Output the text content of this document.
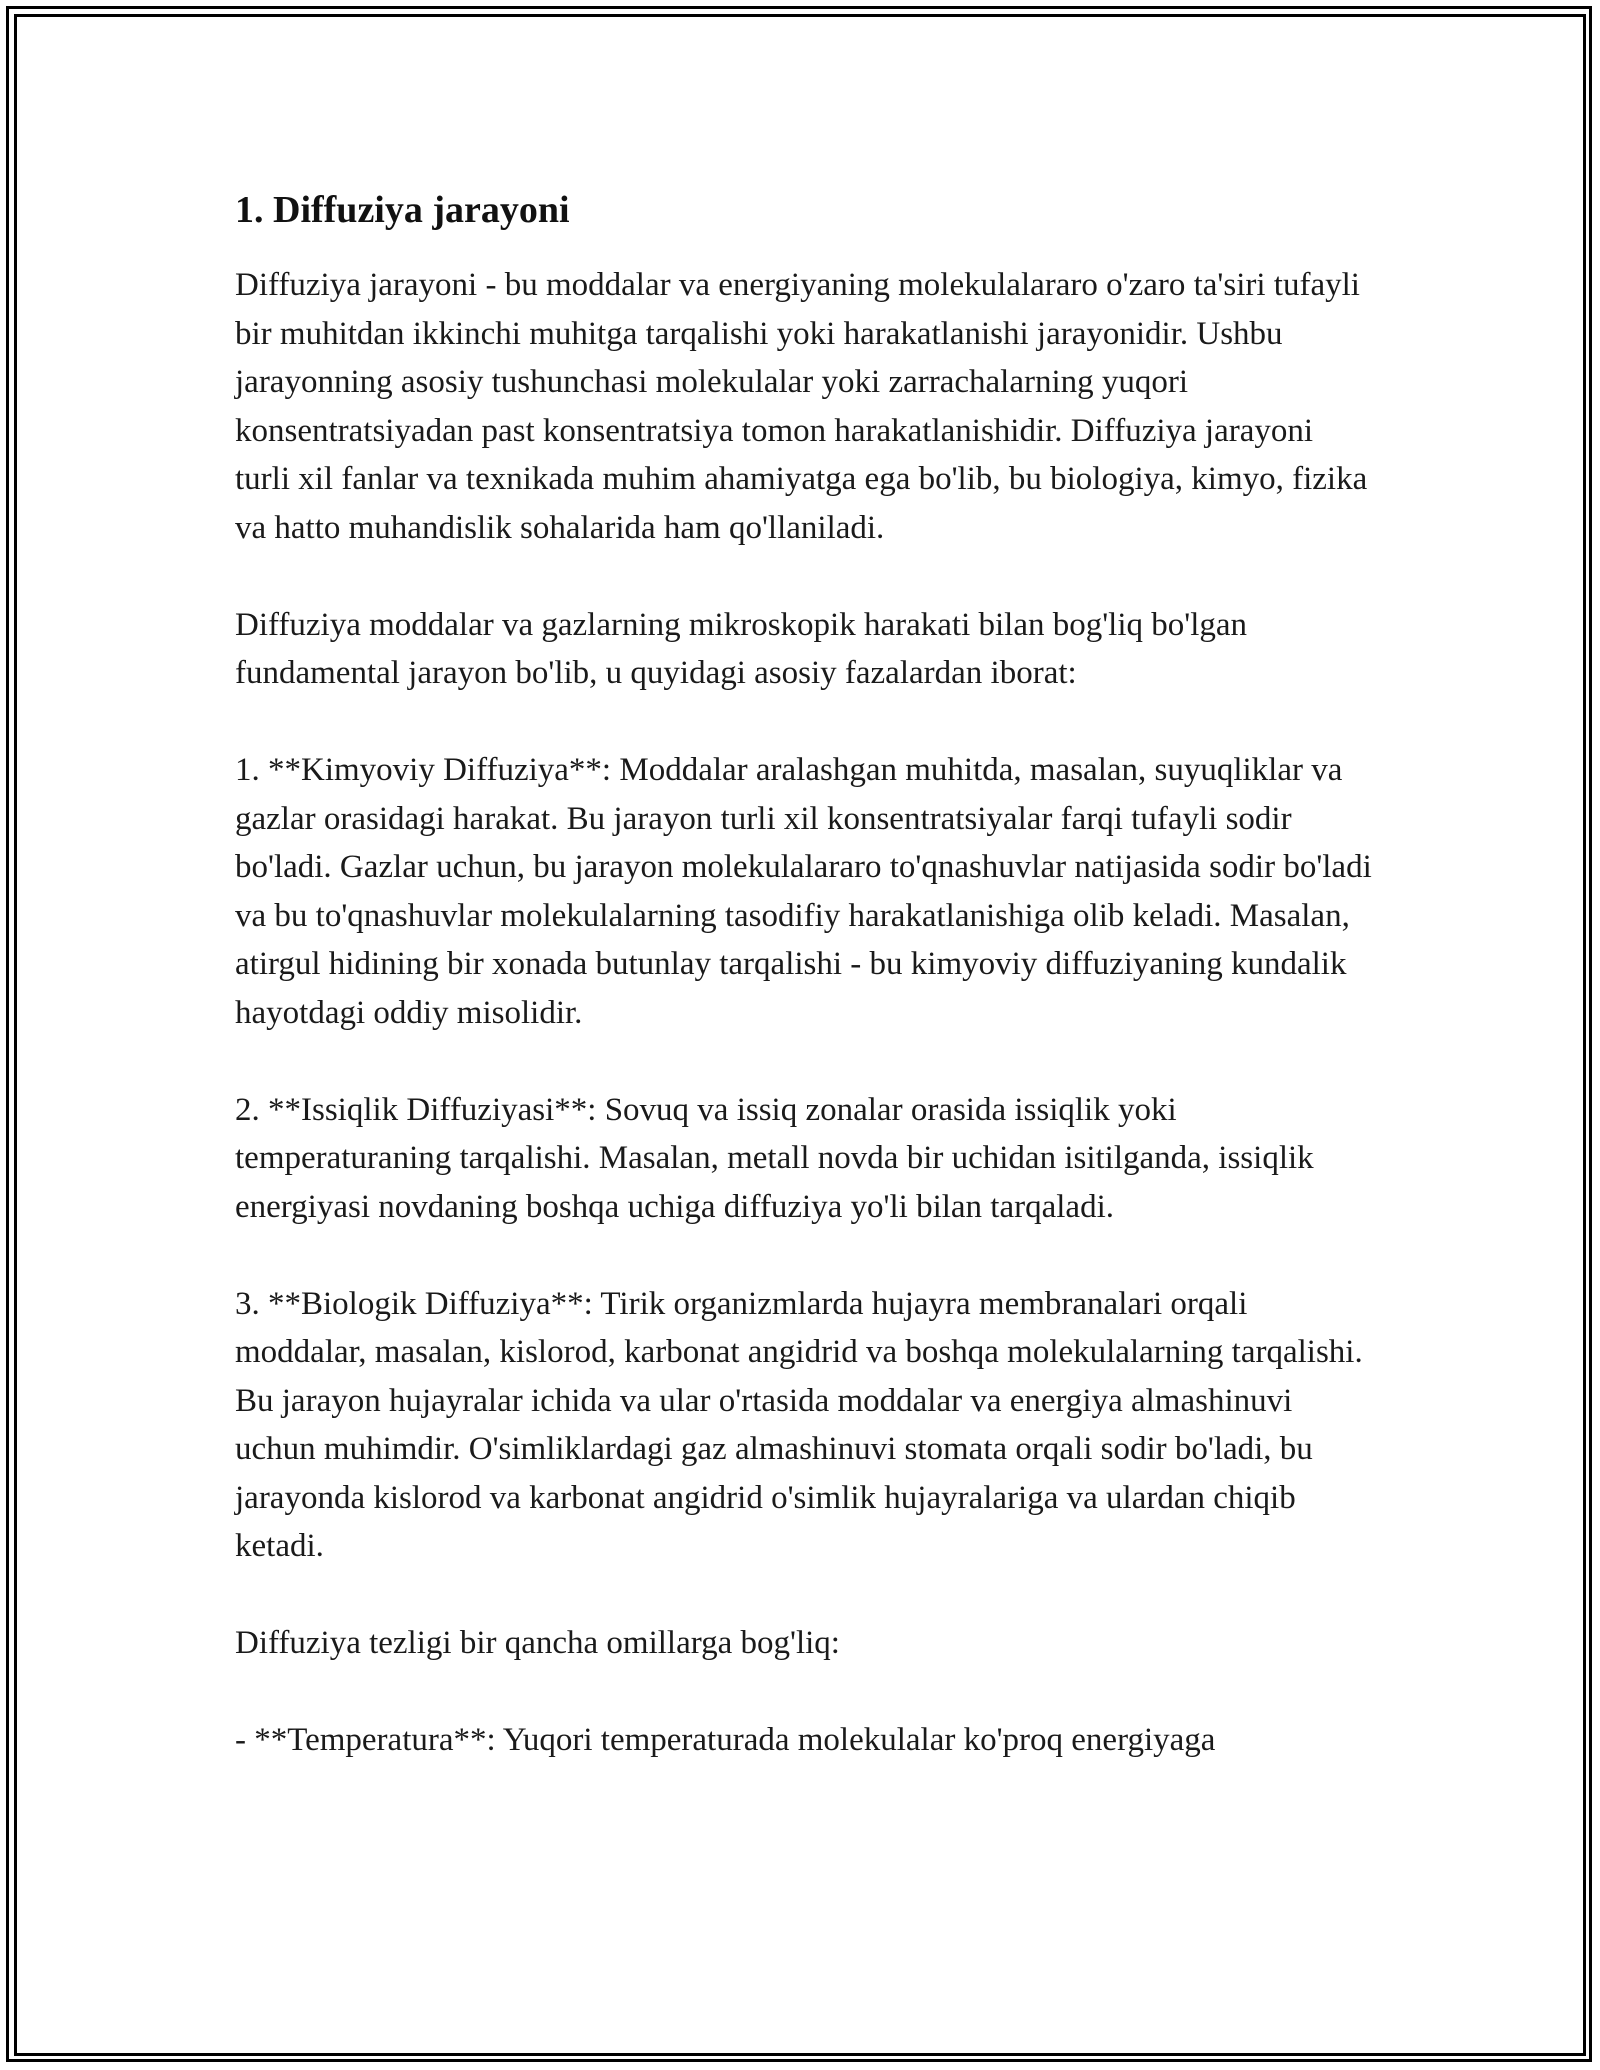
1. Diffuziya jarayoni

Diffuziya jarayoni - bu moddalar va energiyaning molekulalararo o'zaro ta'siri tufayli bir muhitdan ikkinchi muhitga tarqalishi yoki harakatlanishi jarayonidir. Ushbu jarayonning asosiy tushunchasi molekulalar yoki zarrachalarning yuqori konsentratsiyadan past konsentratsiya tomon harakatlanishidir. Diffuziya jarayoni turli xil fanlar va texnikada muhim ahamiyatga ega bo'lib, bu biologiya, kimyo, fizika va hatto muhandislik sohalarida ham qo'llaniladi.

Diffuziya moddalar va gazlarning mikroskopik harakati bilan bog'liq bo'lgan fundamental jarayon bo'lib, u quyidagi asosiy fazalardan iborat:

1. **Kimyoviy Diffuziya**: Moddalar aralashgan muhitda, masalan, suyuqliklar va gazlar orasidagi harakat. Bu jarayon turli xil konsentratsiyalar farqi tufayli sodir bo'ladi. Gazlar uchun, bu jarayon molekulalararo to'qnashuvlar natijasida sodir bo'ladi va bu to'qnashuvlar molekulalarning tasodifiy harakatlanishiga olib keladi. Masalan, atirgul hidining bir xonada butunlay tarqalishi - bu kimyoviy diffuziyaning kundalik hayotdagi oddiy misolidir.

2. **Issiqlik Diffuziyasi**: Sovuq va issiq zonalar orasida issiqlik yoki temperaturaning tarqalishi. Masalan, metall novda bir uchidan isitilganda, issiqlik energiyasi novdaning boshqa uchiga diffuziya yo'li bilan tarqaladi.

3. **Biologik Diffuziya**: Tirik organizmlarda hujayra membranalari orqali moddalar, masalan, kislorod, karbonat angidrid va boshqa molekulalarning tarqalishi. Bu jarayon hujayralar ichida va ular o'rtasida moddalar va energiya almashinuvi uchun muhimdir. O'simliklardagi gaz almashinuvi stomata orqali sodir bo'ladi, bu jarayonda kislorod va karbonat angidrid o'simlik hujayralariga va ulardan chiqib ketadi.

Diffuziya tezligi bir qancha omillarga bog'liq:

- **Temperatura**: Yuqori temperaturada molekulalar ko'proq energiyaga
